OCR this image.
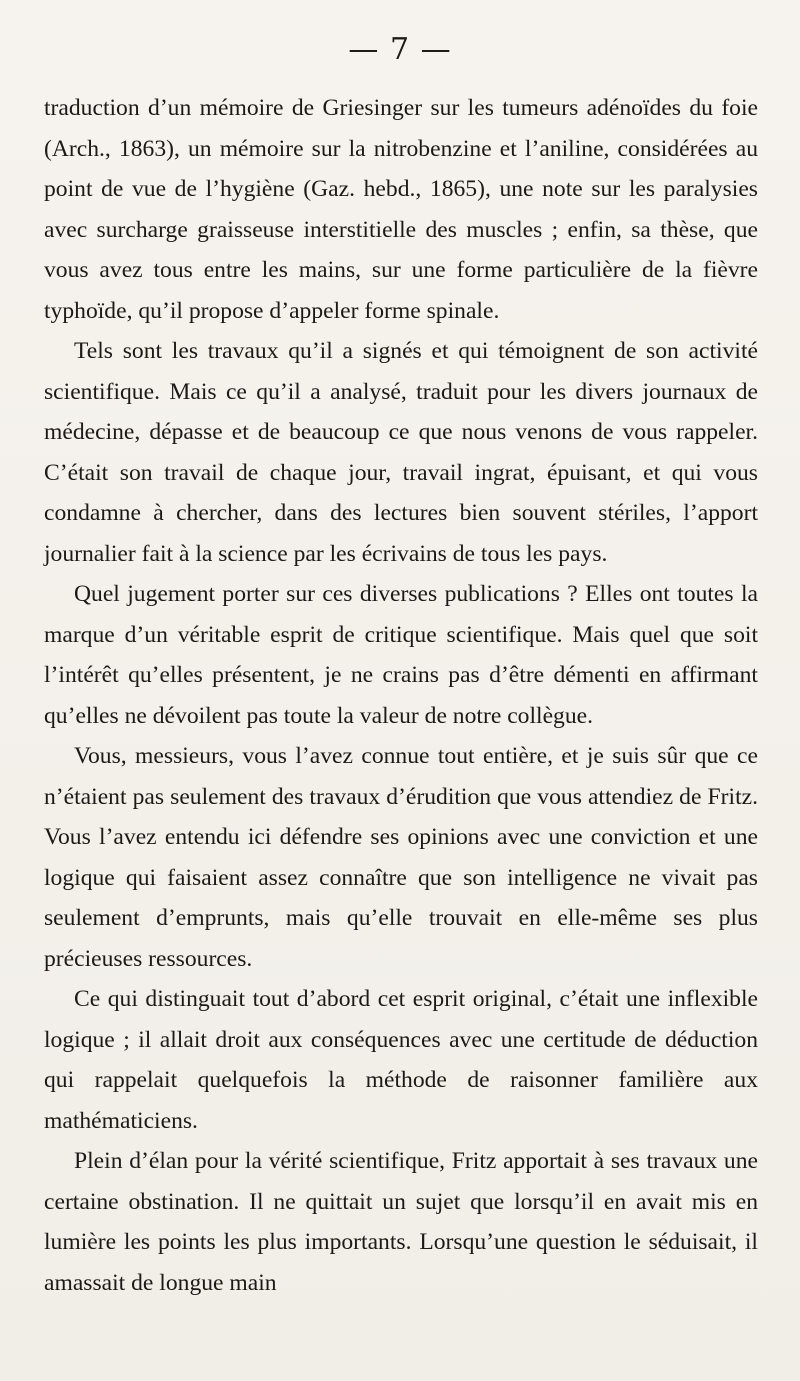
— 7 —

traduction d’un mémoire de Griesinger sur les tumeurs adénoïdes du foie (Arch., 1863), un mémoire sur la nitrobenzine et l’aniline, considérées au point de vue de l’hygiène (Gaz. hebd., 1865), une note sur les paralysies avec surcharge graisseuse interstitielle des muscles ; enfin, sa thèse, que vous avez tous entre les mains, sur une forme particulière de la fièvre typhoïde, qu’il propose d’appeler forme spinale.

Tels sont les travaux qu’il a signés et qui témoignent de son activité scientifique. Mais ce qu’il a analysé, traduit pour les divers journaux de médecine, dépasse et de beaucoup ce que nous venons de vous rappeler. C’était son travail de chaque jour, travail ingrat, épuisant, et qui vous condamne à chercher, dans des lectures bien souvent stériles, l’apport journalier fait à la science par les écrivains de tous les pays.

Quel jugement porter sur ces diverses publications ? Elles ont toutes la marque d’un véritable esprit de critique scientifique. Mais quel que soit l’intérêt qu’elles présentent, je ne crains pas d’être démenti en affirmant qu’elles ne dévoilent pas toute la valeur de notre collègue.

Vous, messieurs, vous l’avez connue tout entière, et je suis sûr que ce n’étaient pas seulement des travaux d’érudition que vous attendiez de Fritz. Vous l’avez entendu ici défendre ses opinions avec une conviction et une logique qui faisaient assez connaître que son intelligence ne vivait pas seulement d’emprunts, mais qu’elle trouvait en elle-même ses plus précieuses ressources.

Ce qui distinguait tout d’abord cet esprit original, c’était une inflexible logique ; il allait droit aux conséquences avec une certitude de déduction qui rappelait quelquefois la méthode de raisonner familière aux mathématiciens.

Plein d’élan pour la vérité scientifique, Fritz apportait à ses travaux une certaine obstination. Il ne quittait un sujet que lorsqu’il en avait mis en lumière les points les plus importants. Lorsqu’une question le séduisait, il amassait de longue main
